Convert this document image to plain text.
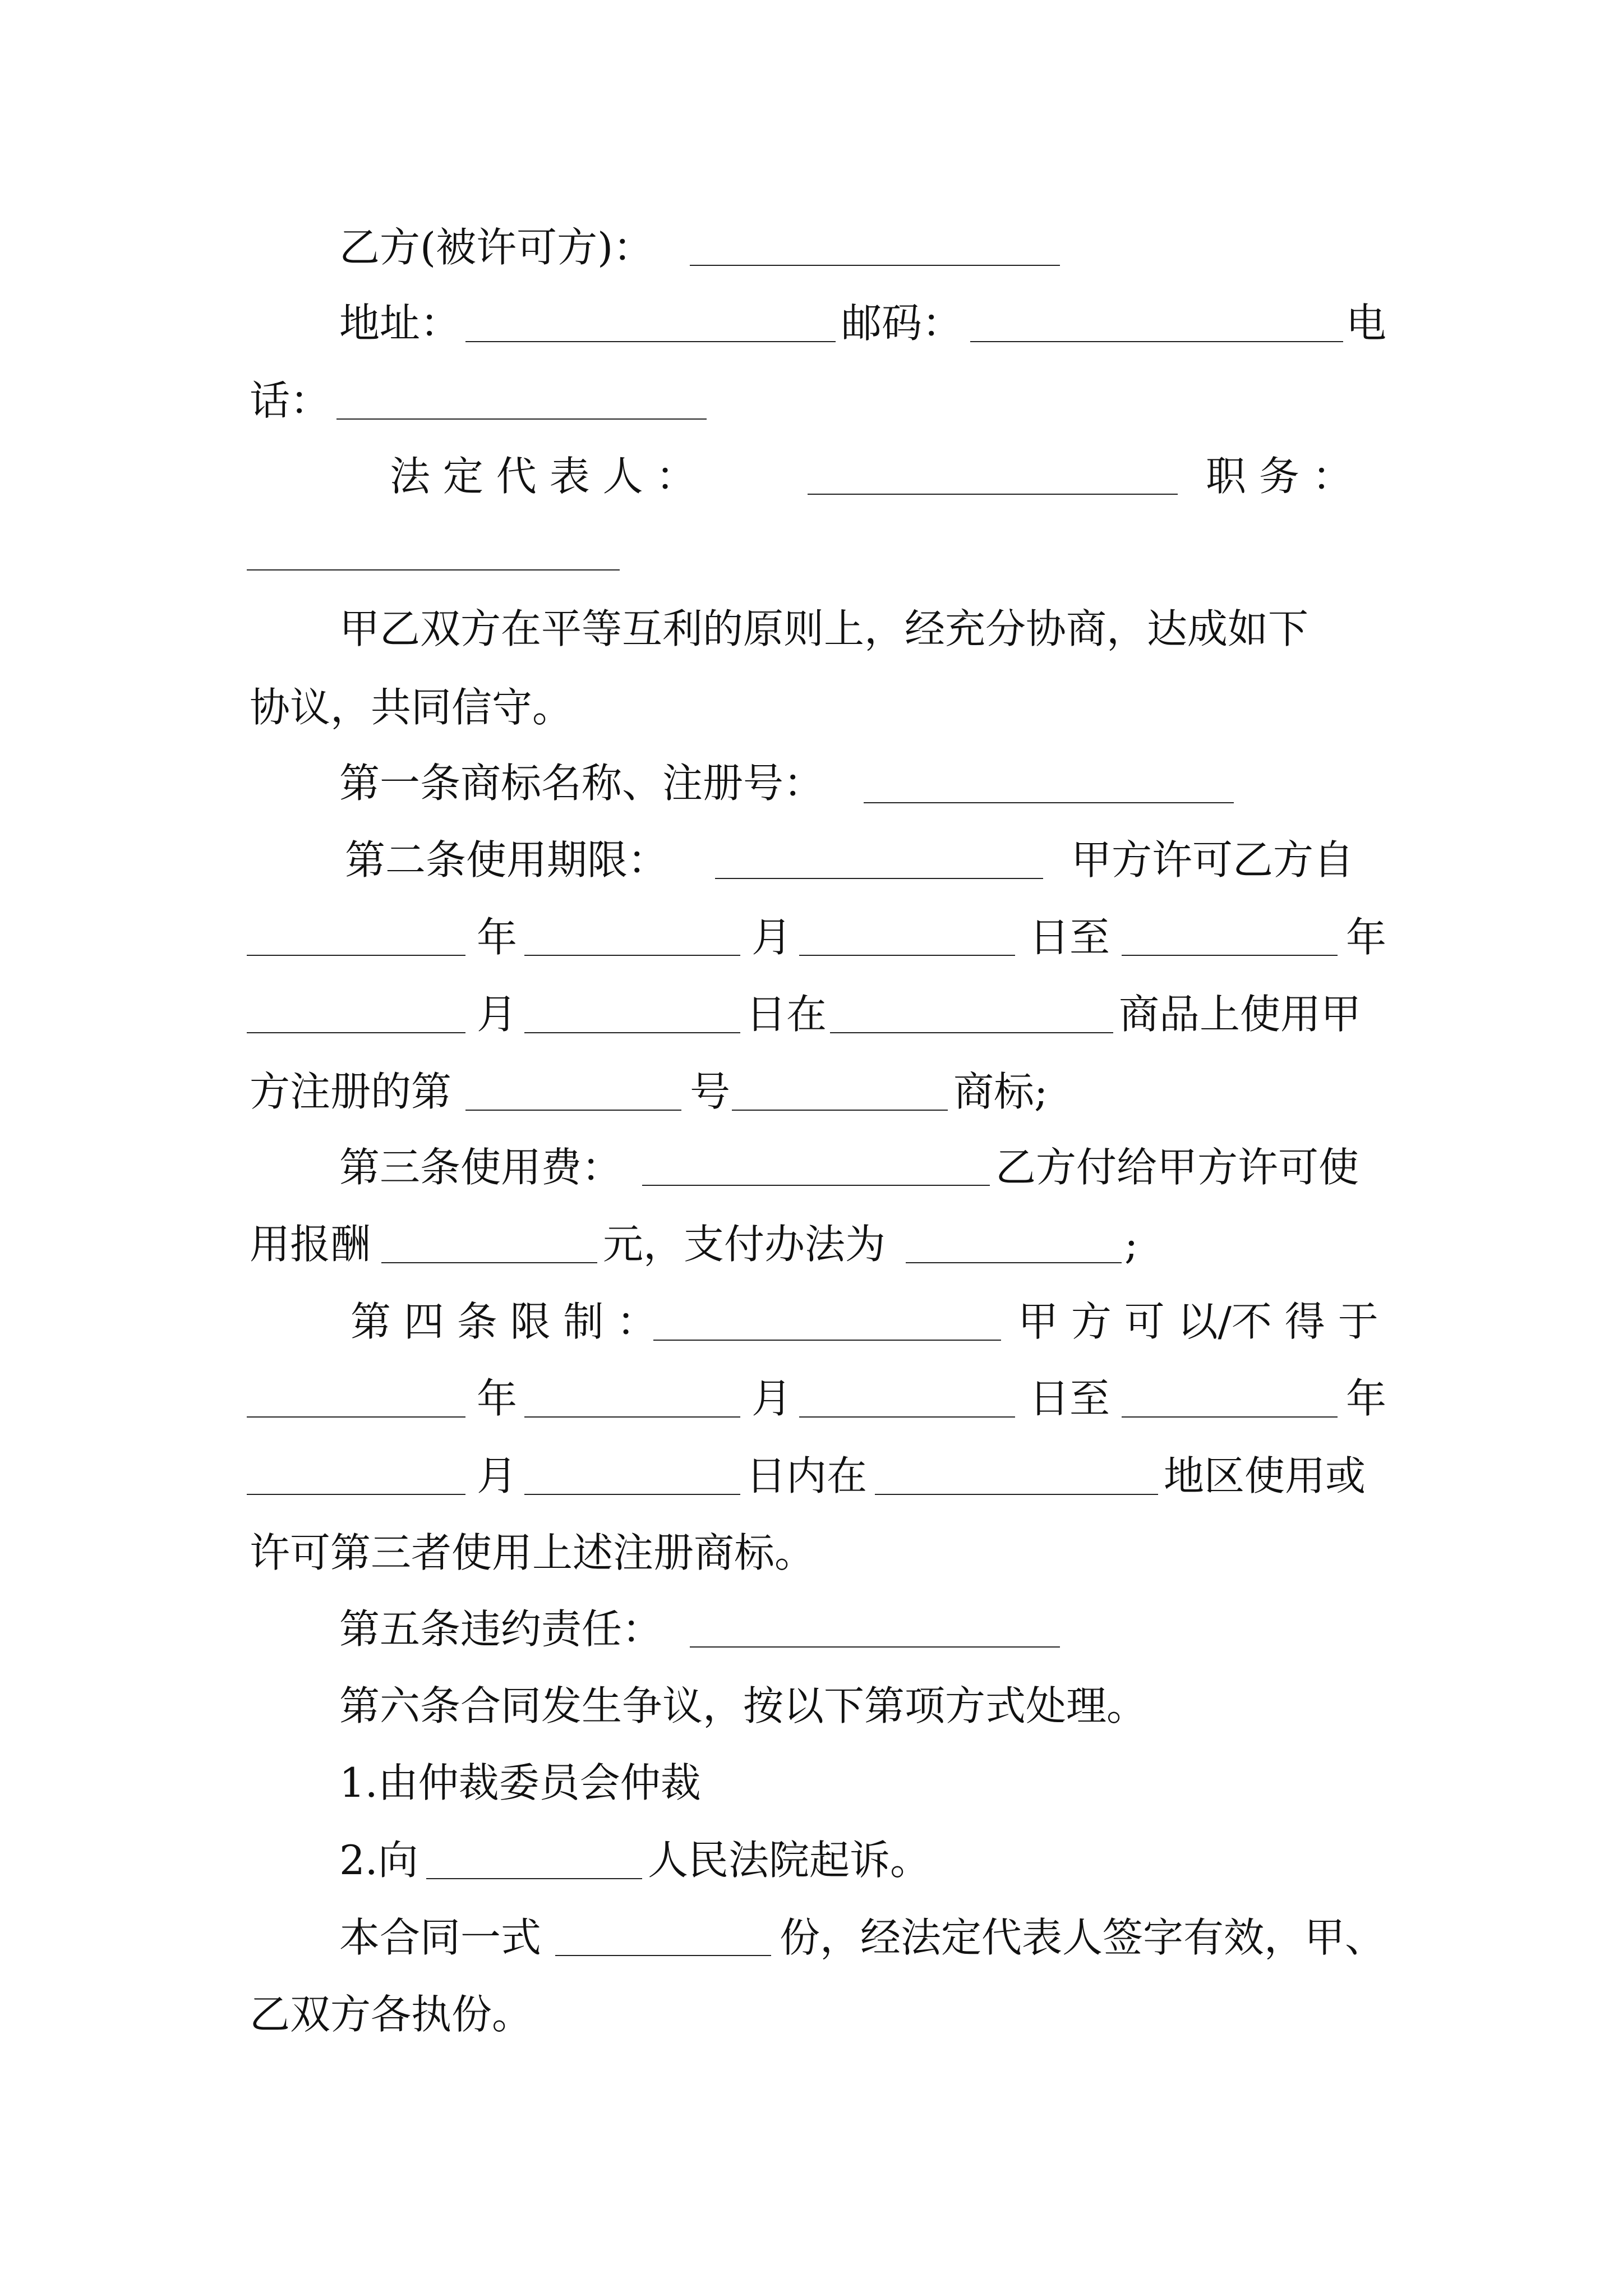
乙方(被许可方)：
地址：	邮码：	电
话：
法 定 代 表 人 ：	职 务 ：
甲乙双方在平等互利的原则上，经充分协商，达成如下
协议，共同信守。
第一条商标名称、注册号：
第二条使用期限：	甲方许可乙方自
年	月	日至	年
月	日在	商品上使用甲
方注册的第	号	商标;
第三条使用费：	乙方付给甲方许可使
用报酬	元，支付办法为	;
第 四 条 限 制 ：	甲 方 可 以/不 得 于
年	月	日至	年
月	日内在	地区使用或
许可第三者使用上述注册商标。
第五条违约责任：
第六条合同发生争议，按以下第项方式处理。
1.由仲裁委员会仲裁
2.向	人民法院起诉。
本合同一式	份，经法定代表人签字有效，甲、
乙双方各执份。
